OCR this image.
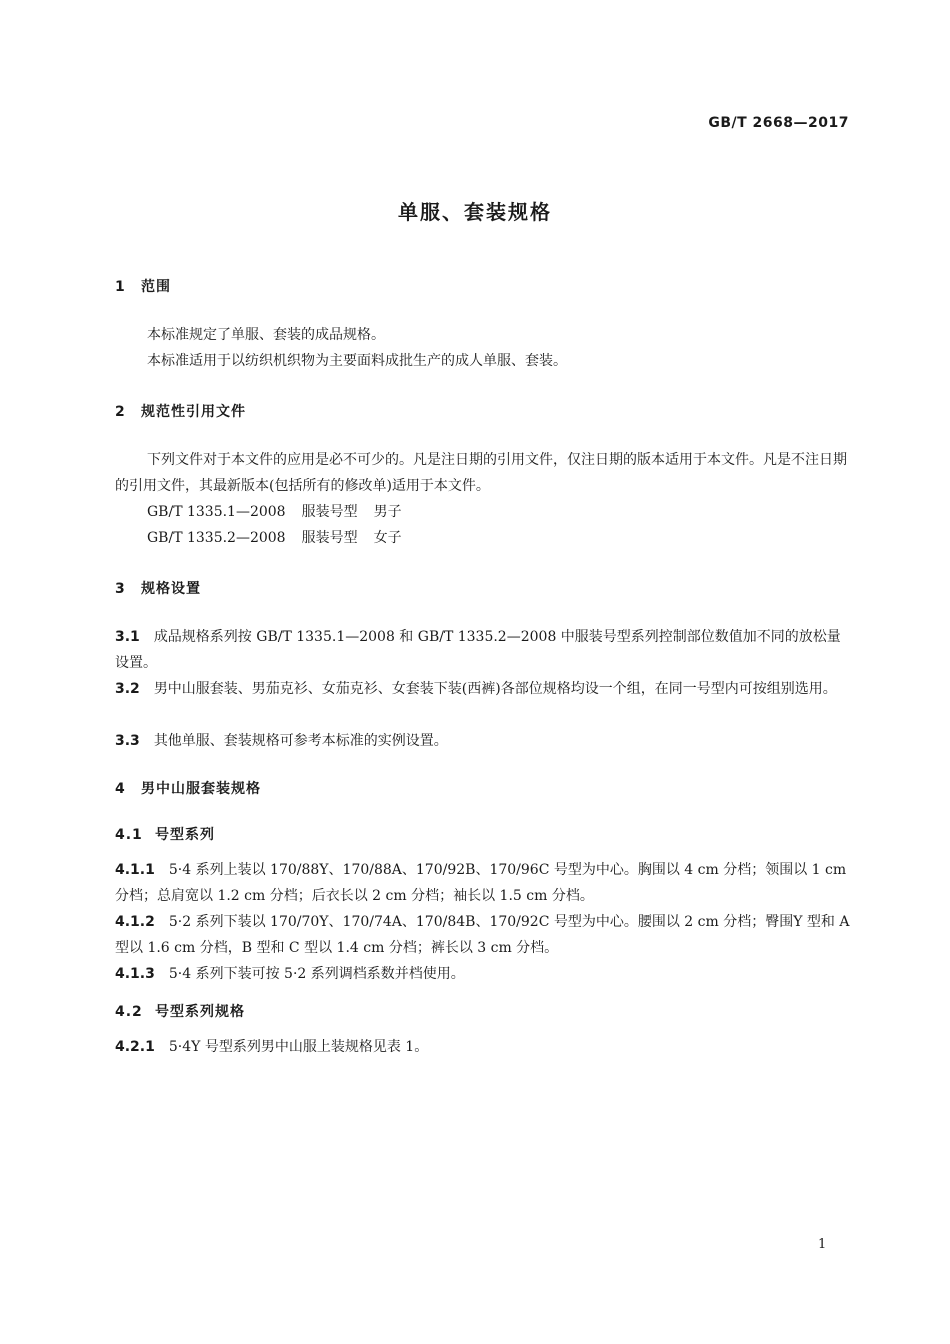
GB/T 2668—2017
单服、套装规格
1 范围
本标准规定了单服、套装的成品规格。
本标准适用于以纺织机织物为主要面料成批生产的成人单服、套装。
2 规范性引用文件
下列文件对于本文件的应用是必不可少的。凡是注日期的引用文件，仅注日期的版本适用于本文件。凡是不注日期的引用文件，其最新版本(包括所有的修改单)适用于本文件。
GB/T 1335.1—2008 服装号型 男子
GB/T 1335.2—2008 服装号型 女子
3 规格设置
3.1 成品规格系列按 GB/T 1335.1—2008 和 GB/T 1335.2—2008 中服装号型系列控制部位数值加不同的放松量设置。
3.2 男中山服套装、男茄克衫、女茄克衫、女套装下装(西裤)各部位规格均设一个组，在同一号型内可按组别选用。
3.3 其他单服、套装规格可参考本标准的实例设置。
4 男中山服套装规格
4.1 号型系列
4.1.1 5·4 系列上装以 170/88Y、170/88A、170/92B、170/96C 号型为中心。胸围以 4 cm 分档；领围以 1 cm 分档；总肩宽以 1.2 cm 分档；后衣长以 2 cm 分档；袖长以 1.5 cm 分档。
4.1.2 5·2 系列下装以 170/70Y、170/74A、170/84B、170/92C 号型为中心。腰围以 2 cm 分档；臀围Y 型和 A 型以 1.6 cm 分档，B 型和 C 型以 1.4 cm 分档；裤长以 3 cm 分档。
4.1.3 5·4 系列下装可按 5·2 系列调档系数并档使用。
4.2 号型系列规格
4.2.1 5·4Y 号型系列男中山服上装规格见表 1。
1
